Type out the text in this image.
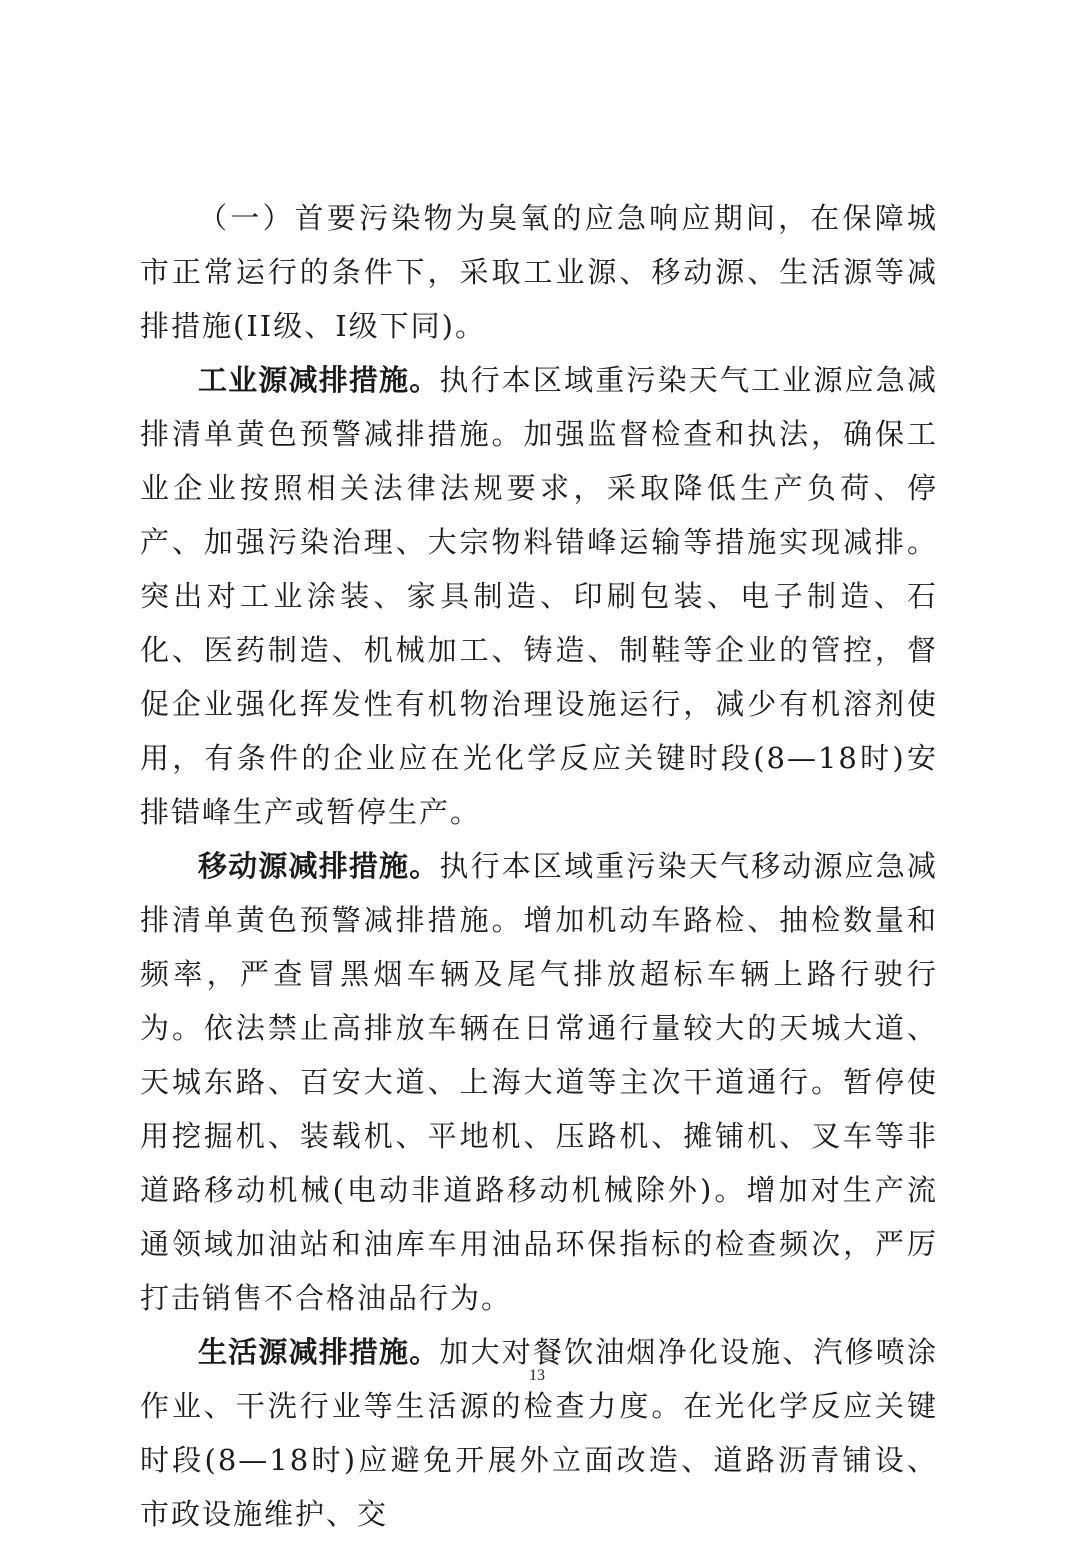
（一）首要污染物为臭氧的应急响应期间，在保障城市正常运行的条件下，采取工业源、移动源、生活源等减排措施(II级、I级下同)。

工业源减排措施。执行本区域重污染天气工业源应急减排清单黄色预警减排措施。加强监督检查和执法，确保工业企业按照相关法律法规要求，采取降低生产负荷、停产、加强污染治理、大宗物料错峰运输等措施实现减排。突出对工业涂装、家具制造、印刷包装、电子制造、石化、医药制造、机械加工、铸造、制鞋等企业的管控，督促企业强化挥发性有机物治理设施运行，减少有机溶剂使用，有条件的企业应在光化学反应关键时段(8—18时)安排错峰生产或暂停生产。

移动源减排措施。执行本区域重污染天气移动源应急减排清单黄色预警减排措施。增加机动车路检、抽检数量和频率，严查冒黑烟车辆及尾气排放超标车辆上路行驶行为。依法禁止高排放车辆在日常通行量较大的天城大道、天城东路、百安大道、上海大道等主次干道通行。暂停使用挖掘机、装载机、平地机、压路机、摊铺机、叉车等非道路移动机械(电动非道路移动机械除外)。增加对生产流通领域加油站和油库车用油品环保指标的检查频次，严厉打击销售不合格油品行为。

生活源减排措施。加大对餐饮油烟净化设施、汽修喷涂作业、干洗行业等生活源的检查力度。在光化学反应关键时段(8—18时)应避免开展外立面改造、道路沥青铺设、市政设施维护、交

13
